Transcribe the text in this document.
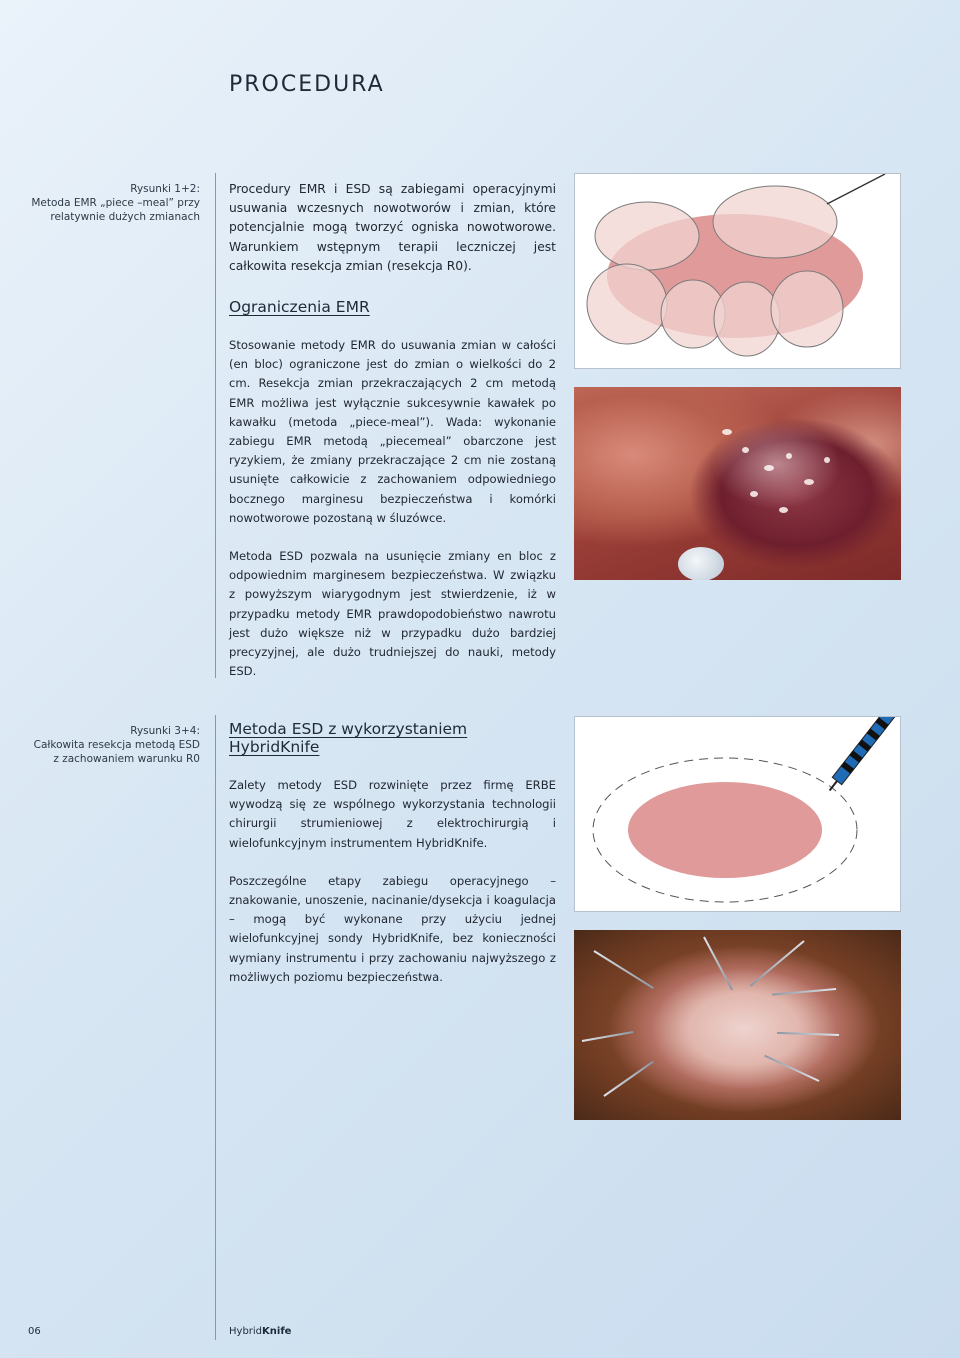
PROCEDURA
Rysunki 1+2:
Metoda EMR „piece –meal” przy
relatywnie dużych zmianach

Procedury EMR i ESD są zabiegami operacyjnymi usuwania wczesnych nowotworów i zmian, które potencjalnie mogą tworzyć ogniska nowotworowe. Warunkiem wstępnym terapii leczniczej jest całkowita resekcja zmian (resekcja R0).

Ograniczenia EMR

Stosowanie metody EMR do usuwania zmian w całości (en bloc) ograniczone jest do zmian o wielkości do 2 cm. Resekcja zmian przekraczających 2 cm metodą EMR możliwa jest wyłącznie sukcesywnie kawałek po kawałku (metoda „piece-meal”). Wada: wykonanie zabiegu EMR metodą „piecemeal” obarczone jest ryzykiem, że zmiany przekraczające 2 cm nie zostaną usunięte całkowicie z zachowaniem odpowiedniego bocznego marginesu bezpieczeństwa i komórki nowotworowe pozostaną w śluzówce.

Metoda ESD pozwala na usunięcie zmiany en bloc z odpowiednim marginesem bezpieczeństwa. W związku z powyższym wiarygodnym jest stwierdzenie, iż w przypadku metody EMR prawdopodobieństwo nawrotu jest dużo większe niż w przypadku dużo bardziej precyzyjnej, ale dużo trudniejszej do nauki, metody ESD.

Rysunki 3+4:
Całkowita resekcja metodą ESD
z zachowaniem warunku R0
Metoda ESD z wykorzystaniem HybridKnife

Zalety metody ESD rozwinięte przez firmę ERBE wywodzą się ze wspólnego wykorzystania technologii chirurgii strumieniowej z elektrochirurgią i wielofunkcyjnym instrumentem HybridKnife.

Poszczególne etapy zabiegu operacyjnego – znakowanie, unoszenie, nacinanie/dysekcja i koagulacja – mogą być wykonane przy użyciu jednej wielofunkcyjnej sondy HybridKnife, bez konieczności wymiany instrumentu i przy zachowaniu najwyższego z możliwych poziomu bezpieczeństwa.

06	HybridKnife
